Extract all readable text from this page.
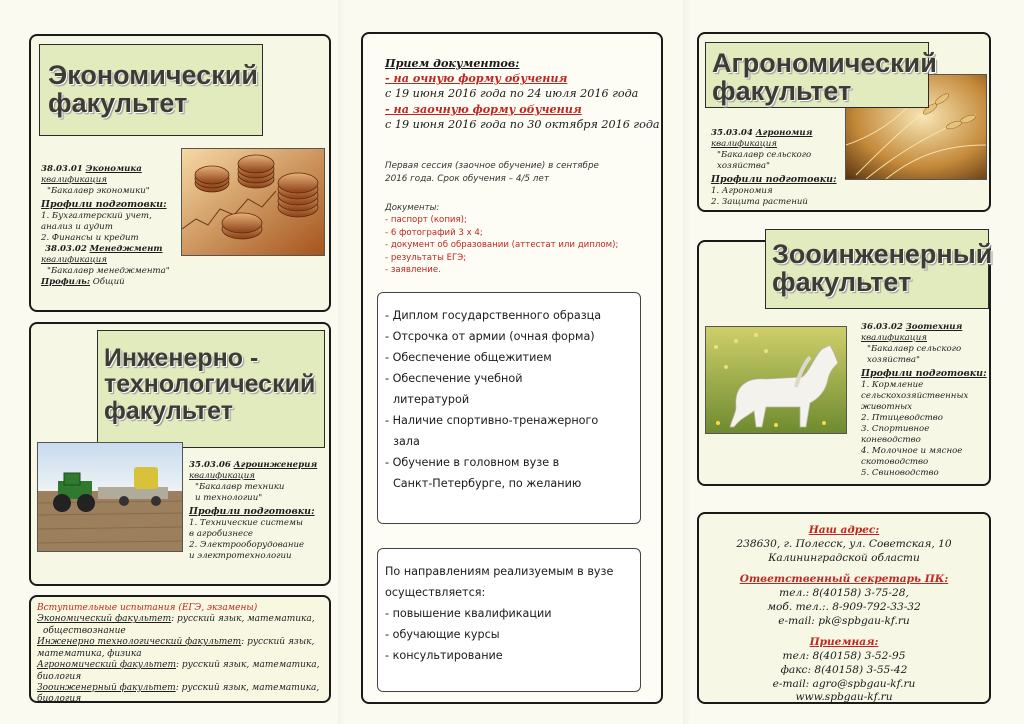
Экономический
факультет

38.03.01 Экономика
квалификация
"Бакалавр экономики"
Профили подготовки:
1. Бухгалтерский учет,
анализ и аудит
2. Финансы и кредит
38.03.02 Менеджмент
квалификация
"Бакалавр менеджмента"
Профиль: Общий

Инженерно -
технологический
факультет

35.03.06 Агроинженерия
квалификация
"Бакалавр техники
и технологии"
Профили подготовки:
1. Технические системы
в агробизнесе
2. Электрооборудование
и электротехнологии
Вступительные испытания (ЕГЭ, экзамены)
Экономический факультет: русский язык, математика,
обществознание
Инженерно технологический факультет: русский язык,
математика, физика
Агрономический факультет: русский язык, математика,
биология
Зооинженерный факультет: русский язык, математика,
биология
Прием документов:
- на очную форму обучения
с 19 июня 2016 года по 24 июля 2016 года
- на заочную форму обучения
с 19 июня 2016 года по 30 октября 2016 года
Первая сессия (заочное обучение) в сентябре
2016 года. Срок обучения – 4/5 лет
Документы:
- паспорт (копия);
- 6 фотографий 3 х 4;
- документ об образовании (аттестат или диплом);
- результаты ЕГЭ;
- заявление.
- Диплом государственного образца
- Отсрочка от армии (очная форма)
- Обеспечение общежитием
- Обеспечение учебной
литературой
- Наличие спортивно-тренажерного
зала
- Обучение в головном вузе в
Санкт-Петербурге, по желанию
По направлениям реализуемым в вузе
осуществляется:
- повышение квалификации
- обучающие курсы
- консультирование

Агрономический
факультет

35.03.04 Агрономия
квалификация
"Бакалавр сельского
хозяйства"
Профили подготовки:
1. Агрономия
2. Защита растений

Зооинженерный
факультет

36.03.02 Зоотехния
квалификация
"Бакалавр сельского
хозяйства"
Профили подготовки:
1. Кормление
сельскохозяйственных
животных
2. Птицеводство
3. Спортивное
коневодство
4. Молочное и мясное
скотоводство
5. Свиноводство
Наш адрес:
238630, г. Полесск, ул. Советская, 10
Калининградской области
Ответственный секретарь ПК:
тел.: 8(40158) 3-75-28,
моб. тел.:. 8-909-792-33-32
e-mail: pk@spbgau-kf.ru
Приемная:
тел: 8(40158) 3-52-95
факс: 8(40158) 3-55-42
e-mail: agro@spbgau-kf.ru
www.spbgau-kf.ru
